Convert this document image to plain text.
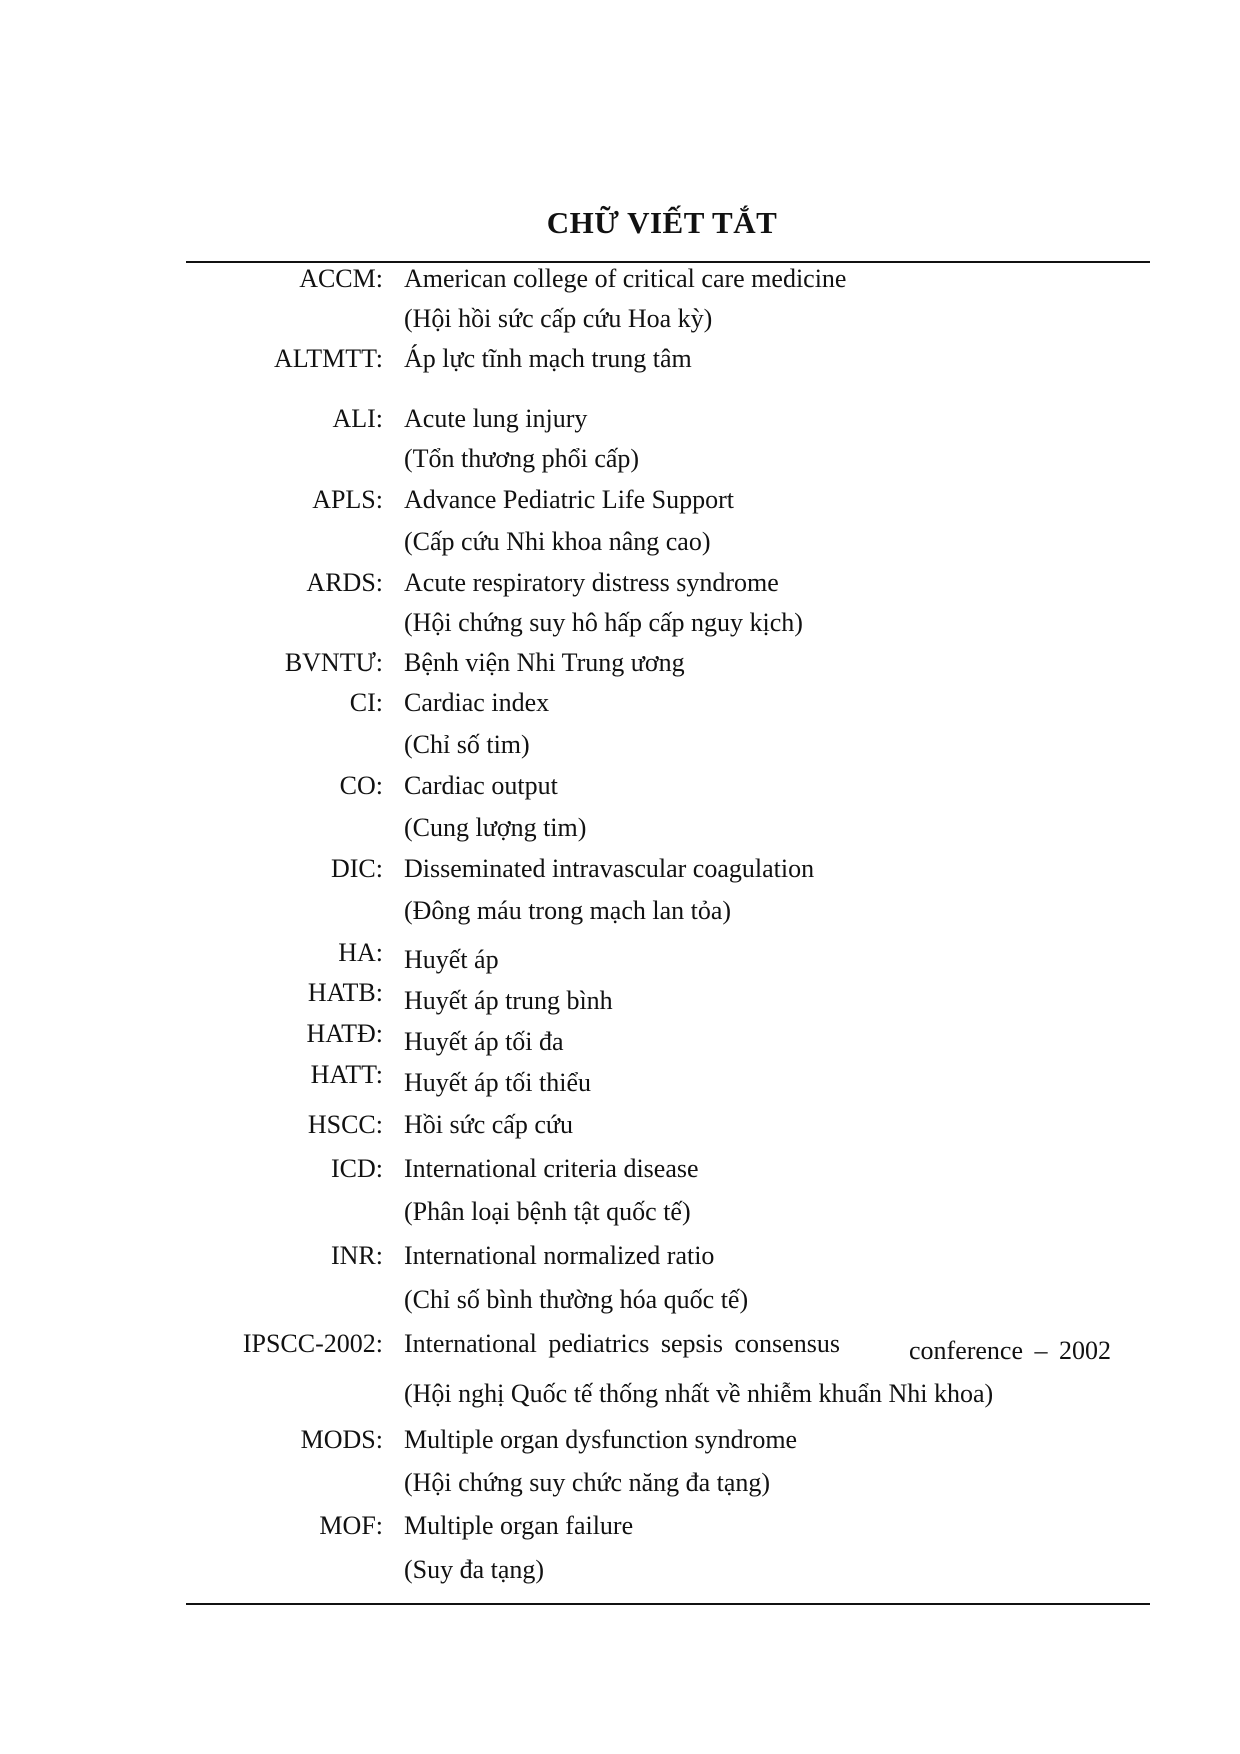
CHỮ VIẾT TẮT
ACCM: American college of critical care medicine
(Hội hồi sức cấp cứu Hoa kỳ)
ALTMTT: Áp lực tĩnh mạch trung tâm
ALI: Acute lung injury
(Tổn thương phổi cấp)
APLS: Advance Pediatric Life Support
(Cấp cứu Nhi khoa nâng cao)
ARDS: Acute respiratory distress syndrome
(Hội chứng suy hô hấp cấp nguy kịch)
BVNTƯ: Bệnh viện Nhi Trung ương
CI: Cardiac index
(Chỉ số tim)
CO: Cardiac output
(Cung lượng tim)
DIC: Disseminated intravascular coagulation
(Đông máu trong mạch lan tỏa)
HA: Huyết áp
HATB: Huyết áp trung bình
HATĐ: Huyết áp tối đa
HATT: Huyết áp tối thiểu
HSCC: Hồi sức cấp cứu
ICD: International criteria disease
(Phân loại bệnh tật quốc tế)
INR: International normalized ratio
(Chỉ số bình thường hóa quốc tế)
IPSCC-2002: International pediatrics sepsis consensus	conference – 2002
(Hội nghị Quốc tế thống nhất về nhiễm khuẩn Nhi khoa)
MODS: Multiple organ dysfunction syndrome
(Hội chứng suy chức năng đa tạng)
MOF: Multiple organ failure
(Suy đa tạng)
